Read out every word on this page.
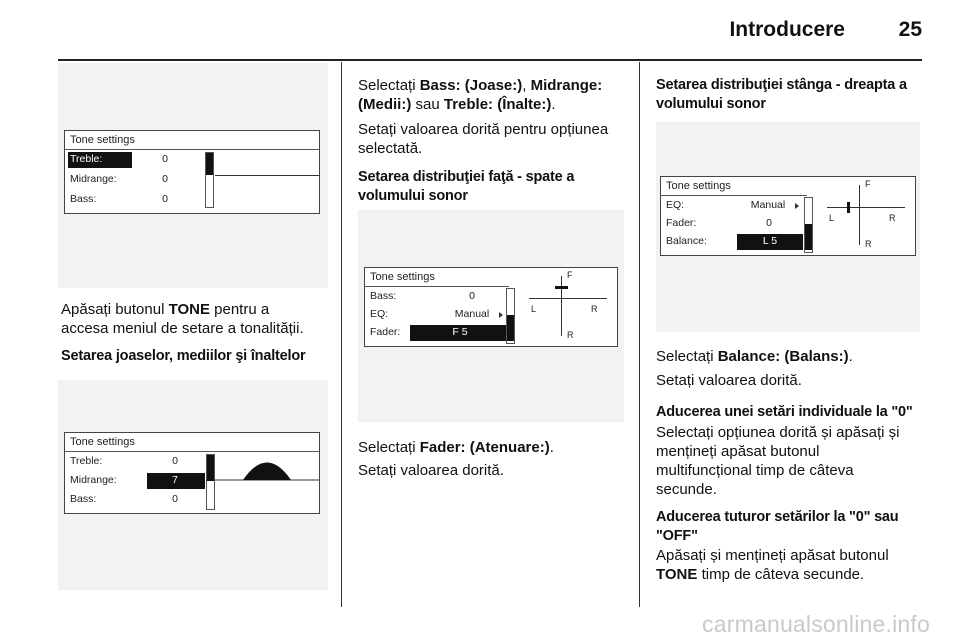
Introducere	25
Tone settings
Treble:	0
Midrange:	0
Bass:	0
Apăsați butonul TONE pentru a
accesa meniul de setare a tonalității.
Setarea joaselor, mediilor şi înaltelor
Tone settings
Treble:	0
Midrange:	7
Bass:	0
Selectați Bass: (Joase:), Midrange:
(Medii:) sau Treble: (Înalte:).
Setați valoarea dorită pentru opțiunea
selectată.
Setarea distribuţiei faţă - spate a
volumului sonor
Tone settings
Bass:	0
EQ:	Manual
Fader:	F 5
F
R
L	R
Selectați Fader: (Atenuare:).
Setați valoarea dorită.
Setarea distribuţiei stânga - dreapta a
volumului sonor
Tone settings
EQ:	Manual
Fader:	0
Balance:	L 5
F
R
L	R
Selectați Balance: (Balans:).
Setați valoarea dorită.
Aducerea unei setări individuale la "0"
Selectați opțiunea dorită și apăsați și
mențineți apăsat butonul
multifuncțional timp de câteva
secunde.
Aducerea tuturor setărilor la "0" sau
"OFF"
Apăsați și mențineți apăsat butonul
TONE timp de câteva secunde.
carmanualsonline.info
